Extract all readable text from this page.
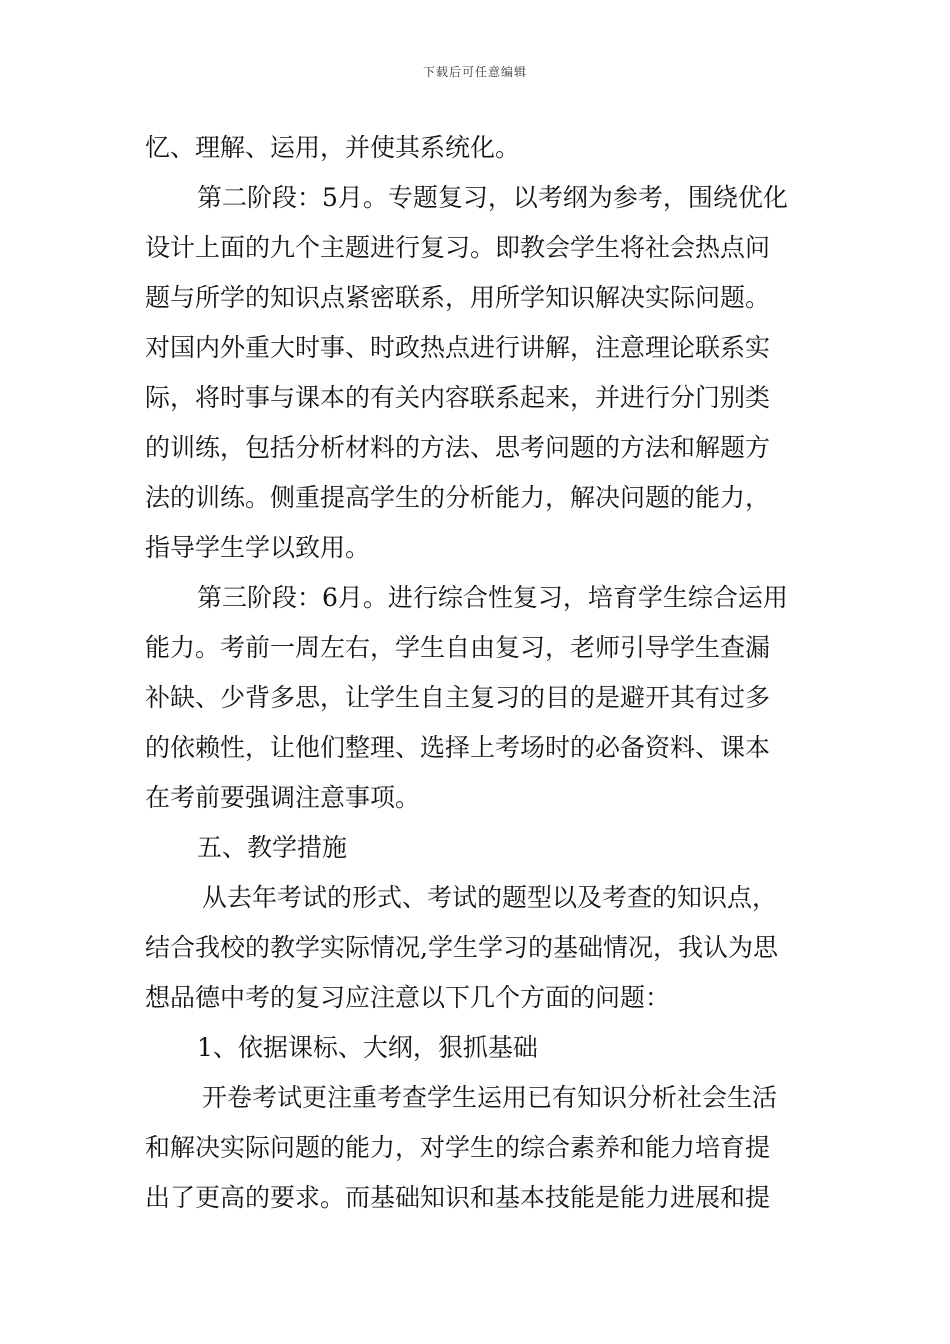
下载后可任意编辑
忆、理解、运用，并使其系统化。
第二阶段：5月。专题复习，以考纲为参考，围绕优化
设计上面的九个主题进行复习。即教会学生将社会热点问
题与所学的知识点紧密联系，用所学知识解决实际问题。
对国内外重大时事、时政热点进行讲解，注意理论联系实
际，将时事与课本的有关内容联系起来，并进行分门别类
的训练，包括分析材料的方法、思考问题的方法和解题方
法的训练。侧重提高学生的分析能力，解决问题的能力，
指导学生学以致用。
第三阶段：6月。进行综合性复习，培育学生综合运用
能力。考前一周左右，学生自由复习，老师引导学生查漏
补缺、少背多思，让学生自主复习的目的是避开其有过多
的依赖性，让他们整理、选择上考场时的必备资料、课本
在考前要强调注意事项。
五、教学措施
从去年考试的形式、考试的题型以及考查的知识点，
结合我校的教学实际情况,学生学习的基础情况，我认为思
想品德中考的复习应注意以下几个方面的问题：
1、依据课标、大纲，狠抓基础
开卷考试更注重考查学生运用已有知识分析社会生活
和解决实际问题的能力，对学生的综合素养和能力培育提
出了更高的要求。而基础知识和基本技能是能力进展和提
